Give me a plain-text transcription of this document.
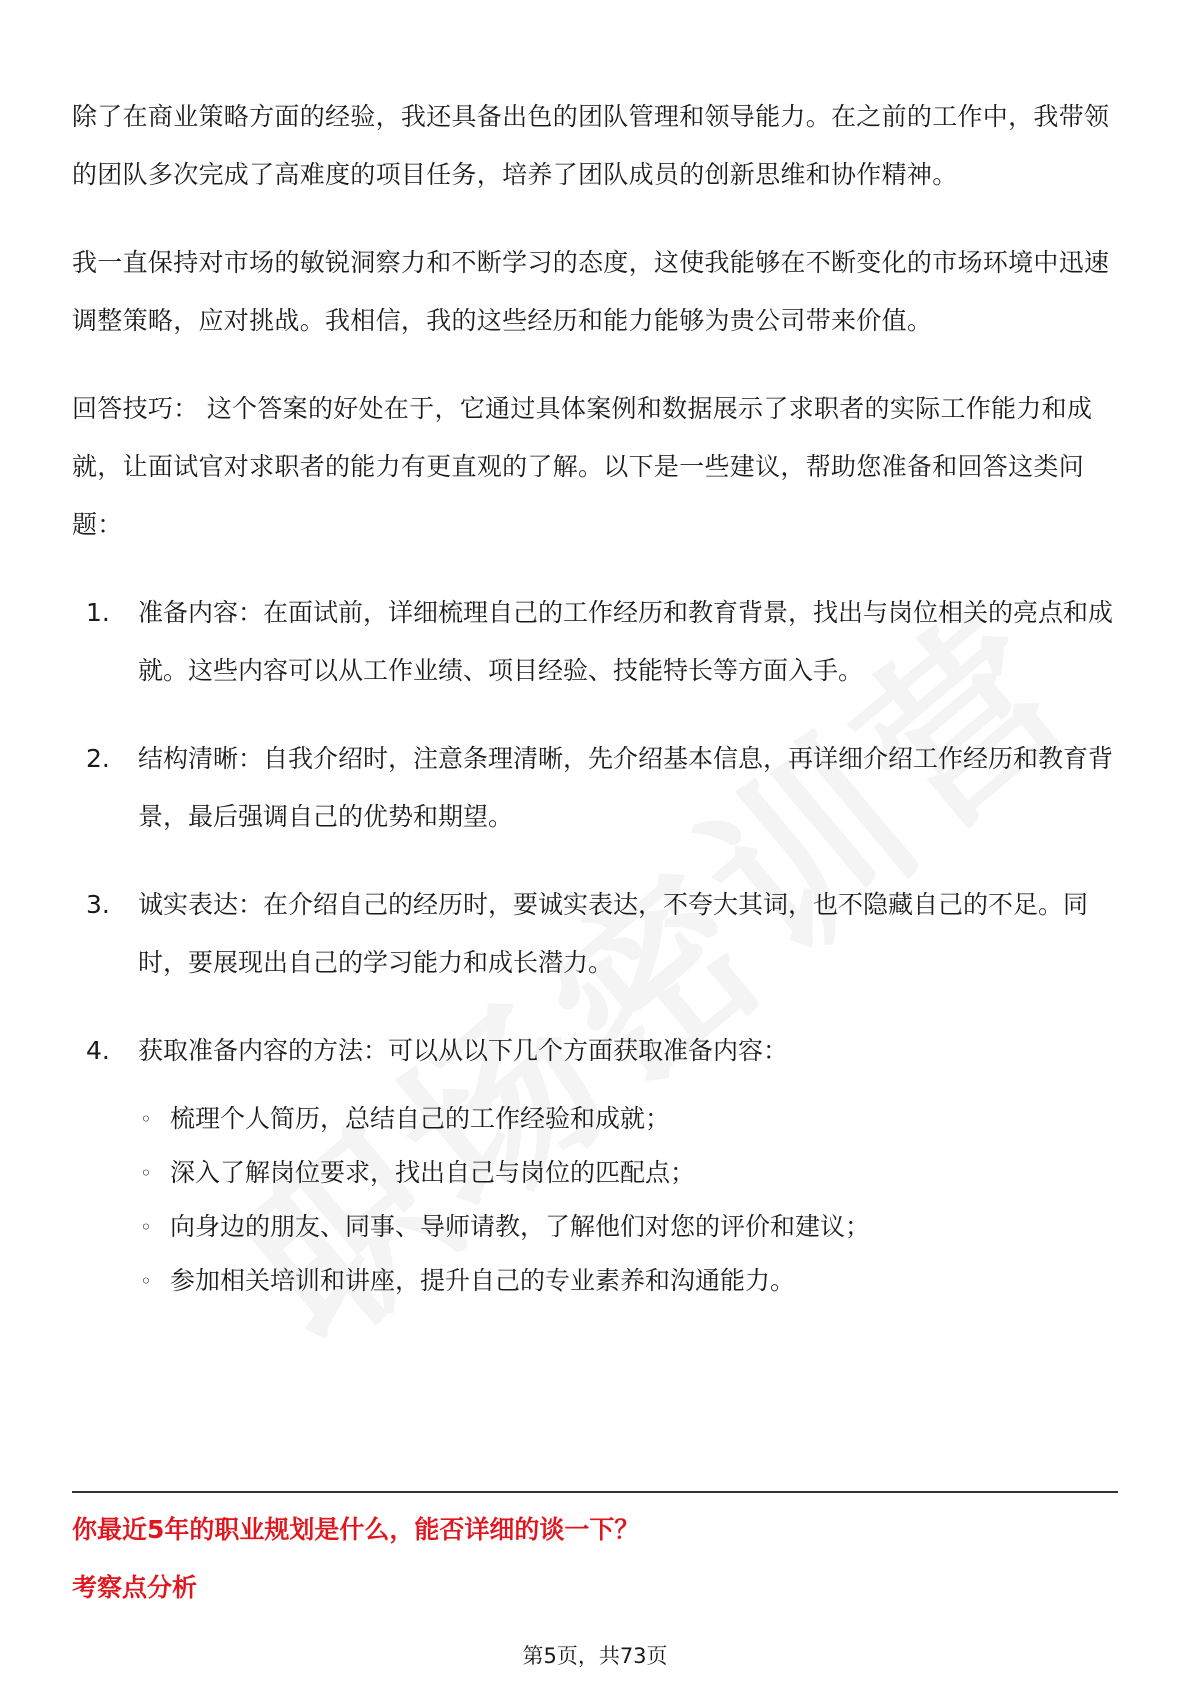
除了在商业策略方面的经验，我还具备出色的团队管理和领导能力。在之前的工作中，我带领的团队多次完成了高难度的项目任务，培养了团队成员的创新思维和协作精神。

我一直保持对市场的敏锐洞察力和不断学习的态度，这使我能够在不断变化的市场环境中迅速调整策略，应对挑战。我相信，我的这些经历和能力能够为贵公司带来价值。

回答技巧： 这个答案的好处在于，它通过具体案例和数据展示了求职者的实际工作能力和成就，让面试官对求职者的能力有更直观的了解。以下是一些建议，帮助您准备和回答这类问题：

1. 准备内容：在面试前，详细梳理自己的工作经历和教育背景，找出与岗位相关的亮点和成就。这些内容可以从工作业绩、项目经验、技能特长等方面入手。
2. 结构清晰：自我介绍时，注意条理清晰，先介绍基本信息，再详细介绍工作经历和教育背景，最后强调自己的优势和期望。
3. 诚实表达：在介绍自己的经历时，要诚实表达，不夸大其词，也不隐藏自己的不足。同时，要展现出自己的学习能力和成长潜力。
4. 获取准备内容的方法：可以从以下几个方面获取准备内容：
◦ 梳理个人简历，总结自己的工作经验和成就；
◦ 深入了解岗位要求，找出自己与岗位的匹配点；
◦ 向身边的朋友、同事、导师请教，了解他们对您的评价和建议；
◦ 参加相关培训和讲座，提升自己的专业素养和沟通能力。
你最近5年的职业规划是什么，能否详细的谈一下？
考察点分析
第5页，共73页
